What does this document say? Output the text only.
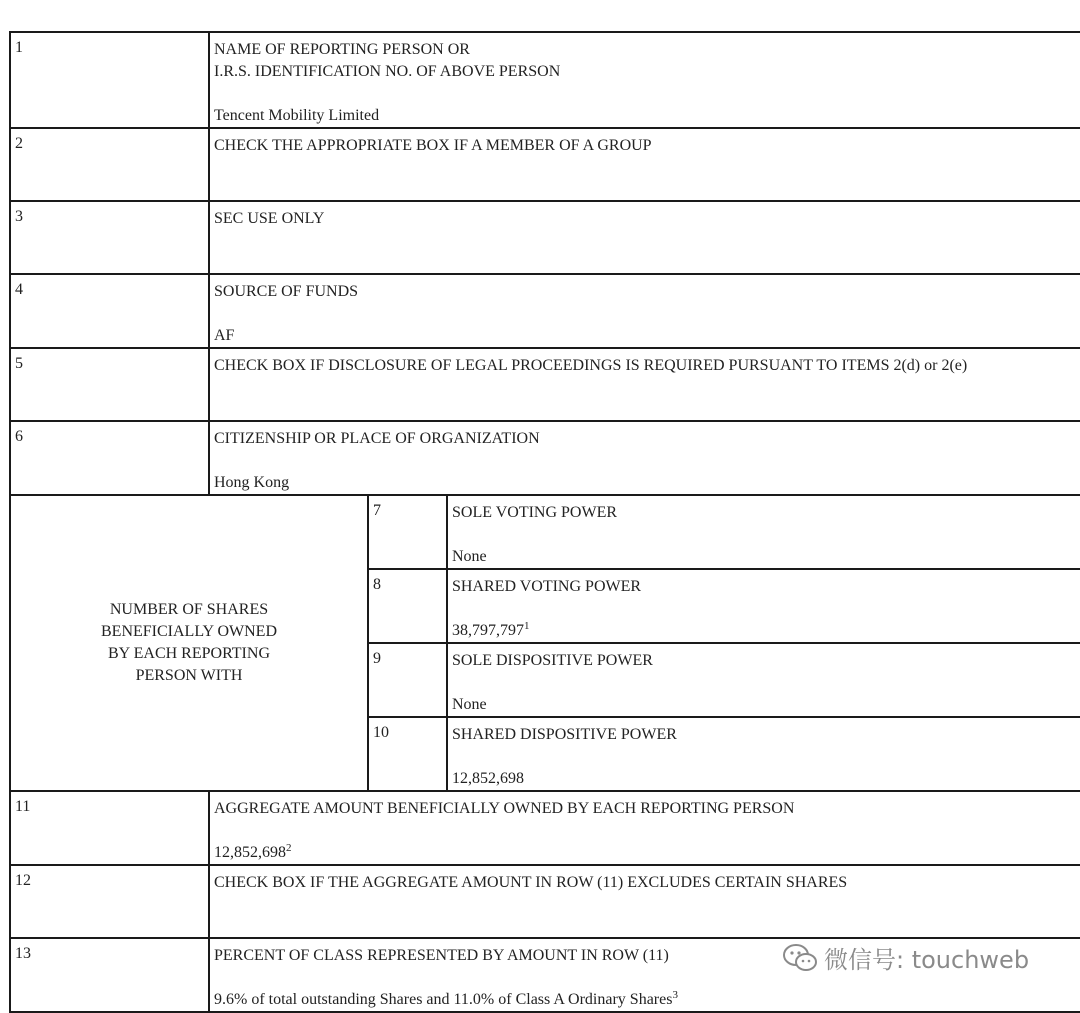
1	NAME OF REPORTING PERSON OR
I.R.S. IDENTIFICATION NO. OF ABOVE PERSON
Tencent Mobility Limited		

2	CHECK THE APPROPRIATE BOX IF A MEMBER OF A GROUP		

3	SEC USE ONLY		

4	SOURCE OF FUNDS
AF		

5	CHECK BOX IF DISCLOSURE OF LEGAL PROCEEDINGS IS REQUIRED PURSUANT TO ITEMS 2(d) or 2(e)		

6	CITIZENSHIP OR PLACE OF ORGANIZATION
Hong Kong		

NUMBER OF SHARES BENEFICIALLY OWNED BY EACH REPORTING PERSON WITH		7	SOLE VOTING POWER
None

		8	SHARED VOTING POWER
38,797,797$^1$

		9	SOLE DISPOSITIVE POWER
None

		10	SHARED DISPOSITIVE POWER
12,852,698

11	AGGREGATE AMOUNT BENEFICIALLY OWNED BY EACH REPORTING PERSON
12,852,698$^2$

12	CHECK BOX IF THE AGGREGATE AMOUNT IN ROW (11) EXCLUDES CERTAIN SHARES		

13	PERCENT OF CLASS REPRESENTED BY AMOUNT IN ROW (11)
9.6% of total outstanding Shares and 11.0% of Class A Ordinary Shares$^3$
微信号: touchweb
